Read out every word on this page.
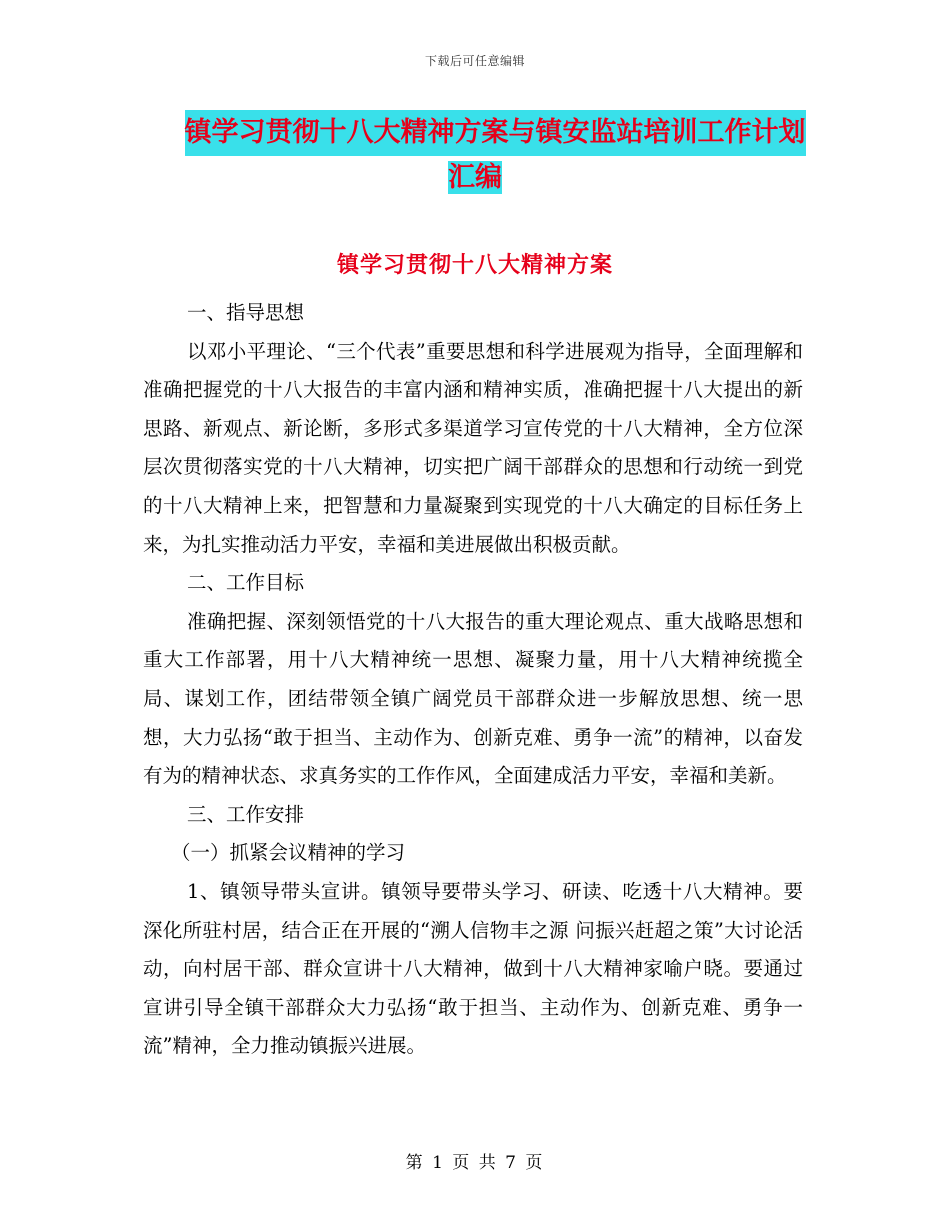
下载后可任意编辑
镇学习贯彻十八大精神方案与镇安监站培训工作计划
汇编
镇学习贯彻十八大精神方案

一、指导思想

以邓小平理论、“三个代表”重要思想和科学进展观为指导，全面理解和准确把握党的十八大报告的丰富内涵和精神实质，准确把握十八大提出的新思路、新观点、新论断，多形式多渠道学习宣传党的十八大精神，全方位深层次贯彻落实党的十八大精神，切实把广阔干部群众的思想和行动统一到党的十八大精神上来，把智慧和力量凝聚到实现党的十八大确定的目标任务上来，为扎实推动活力平安，幸福和美进展做出积极贡献。

二、工作目标

准确把握、深刻领悟党的十八大报告的重大理论观点、重大战略思想和重大工作部署，用十八大精神统一思想、凝聚力量，用十八大精神统揽全局、谋划工作，团结带领全镇广阔党员干部群众进一步解放思想、统一思想，大力弘扬“敢于担当、主动作为、创新克难、勇争一流”的精神，以奋发有为的精神状态、求真务实的工作作风，全面建成活力平安，幸福和美新。

三、工作安排

（一）抓紧会议精神的学习

1、镇领导带头宣讲。镇领导要带头学习、研读、吃透十八大精神。要深化所驻村居，结合正在开展的“溯人信物丰之源 问振兴赶超之策”大讨论活动，向村居干部、群众宣讲十八大精神，做到十八大精神家喻户晓。要通过宣讲引导全镇干部群众大力弘扬“敢于担当、主动作为、创新克难、勇争一流”精神，全力推动镇振兴进展。

第 1 页 共 7 页
